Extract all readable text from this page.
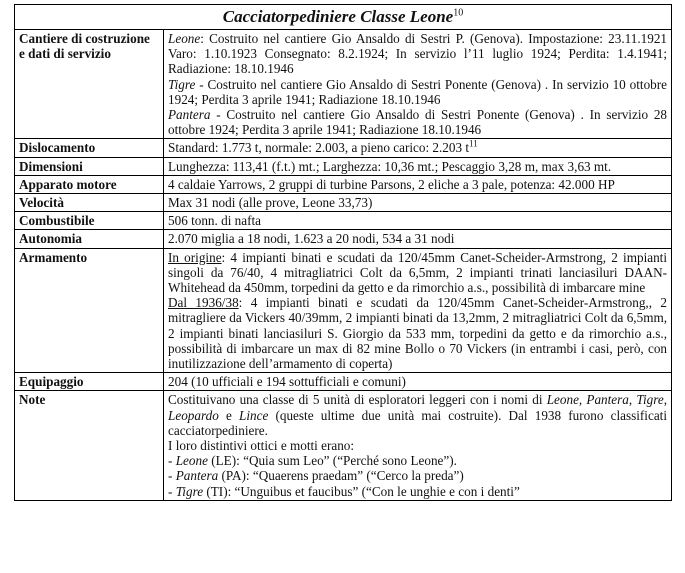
Cacciatorpediniere Classe Leone$^{10}$
Cantiere di costruzione e dati di servizio	Leone: Costruito nel cantiere Gio Ansaldo di Sestri P. (Genova). Impostazione: 23.11.1921 Varo: 1.10.1923 Consegnato: 8.2.1924; In servizio l’11 luglio 1924; Perdita: 1.4.1941; Radiazione: 18.10.1946
Tigre - Costruito nel cantiere Gio Ansaldo di Sestri Ponente (Genova) . In servizio 10 ottobre 1924; Perdita 3 aprile 1941; Radiazione 18.10.1946
Pantera - Costruito nel cantiere Gio Ansaldo di Sestri Ponente (Genova) . In servizio 28 ottobre 1924; Perdita 3 aprile 1941; Radiazione 18.10.1946

Dislocamento	Standard: 1.773 t, normale: 2.003, a pieno carico: 2.203 $t^{11}$
Dimensioni	Lunghezza: 113,41 (f.t.) mt.; Larghezza: 10,36 mt.; Pescaggio 3,28 m, max 3,63 mt.
Apparato motore	4 caldaie Yarrows, 2 gruppi di turbine Parsons, 2 eliche a 3 pale, potenza: 42.000 HP
Velocità	Max 31 nodi (alle prove, Leone 33,73)
Combustibile	506 tonn. di nafta
Autonomia	2.070 miglia a 18 nodi, 1.623 a 20 nodi, 534 a 31 nodi
Armamento	In origine: 4 impianti binati e scudati da 120/45mm Canet-Scheider-Armstrong, 2 impianti singoli da 76/40, 4 mitragliatrici Colt da 6,5mm, 2 impianti trinati lanciasiluri DAAN-Whitehead da 450mm, torpedini da getto e da rimorchio a.s., possibilità di imbarcare mine
Dal 1936/38: 4 impianti binati e scudati da 120/45mm Canet-Scheider-Armstrong,, 2 mitragliere da Vickers 40/39mm, 2 impianti binati da 13,2mm, 2 mitragliatrici Colt da 6,5mm, 2 impianti binati lanciasiluri S. Giorgio da 533 mm, torpedini da getto e da rimorchio a.s., possibilità di imbarcare un max di 82 mine Bollo o 70 Vickers (in entrambi i casi, però, con inutilizzazione dell’armamento di coperta)

Equipaggio	204 (10 ufficiali e 194 sottufficiali e comuni)
Note	Costituivano una classe di 5 unità di esploratori leggeri con i nomi di Leone, Pantera, Tigre, Leopardo e Lince (queste ultime due unità mai costruite). Dal 1938 furono classificati cacciatorpediniere.
I loro distintivi ottici e motti erano:
- Leone (LE): “Quia sum Leo” (“Perché sono Leone”).
- Pantera (PA): “Quaerens praedam” (“Cerco la preda”)
- Tigre (TI): “Unguibus et faucibus” (“Con le unghie e con i denti”
